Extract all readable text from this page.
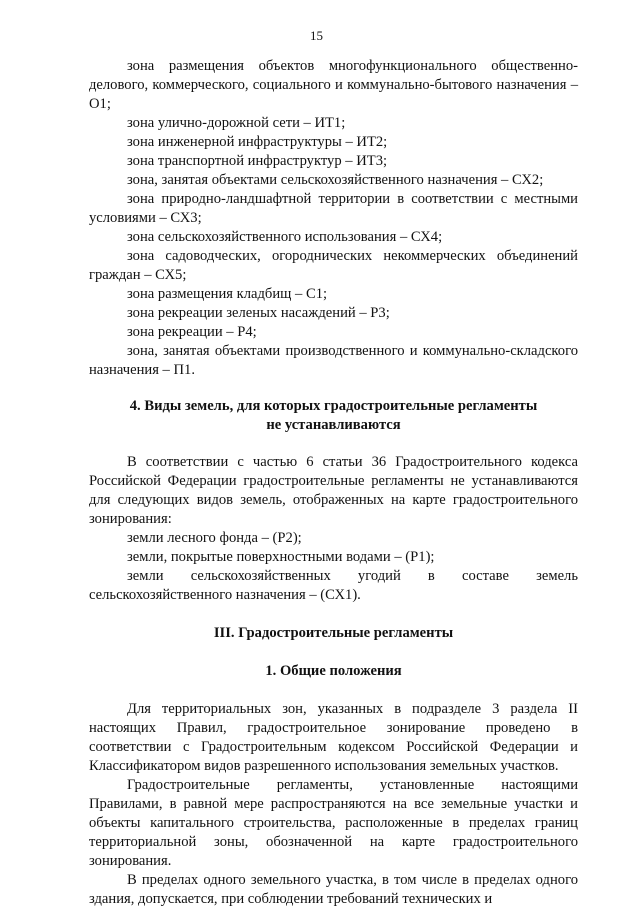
15

зона размещения объектов многофункционального общественно-делового, коммерческого, социального и коммунально-бытового назначения – О1;

зона улично-дорожной сети – ИТ1;

зона инженерной инфраструктуры – ИТ2;

зона транспортной инфраструктур – ИТ3;

зона, занятая объектами сельскохозяйственного назначения – СХ2;

зона природно-ландшафтной территории в соответствии с местными условиями – СХ3;

зона сельскохозяйственного использования – СХ4;

зона садоводческих, огороднических некоммерческих объединений граждан – СХ5;

зона размещения кладбищ – С1;

зона рекреации зеленых насаждений – Р3;

зона рекреации – Р4;

зона, занятая объектами производственного и коммунально-складского назначения – П1.

4. Виды земель, для которых градостроительные регламенты
не устанавливаются

В соответствии с частью 6 статьи 36 Градостроительного кодекса Российской Федерации градостроительные регламенты не устанавливаются для следующих видов земель, отображенных на карте градостроительного зонирования:

земли лесного фонда – (Р2);

земли, покрытые поверхностными водами – (Р1);

земли сельскохозяйственных угодий в составе земель сельскохозяйственного назначения – (СХ1).

III. Градостроительные регламенты
1. Общие положения

Для территориальных зон, указанных в подразделе 3 раздела II настоящих Правил, градостроительное зонирование проведено в соответствии с Градостроительным кодексом Российской Федерации и Классификатором видов разрешенного использования земельных участков.

Градостроительные регламенты, установленные настоящими Правилами, в равной мере распространяются на все земельные участки и объекты капитального строительства, расположенные в пределах границ территориальной зоны, обозначенной на карте градостроительного зонирования.

В пределах одного земельного участка, в том числе в пределах одного здания, допускается, при соблюдении требований технических и
